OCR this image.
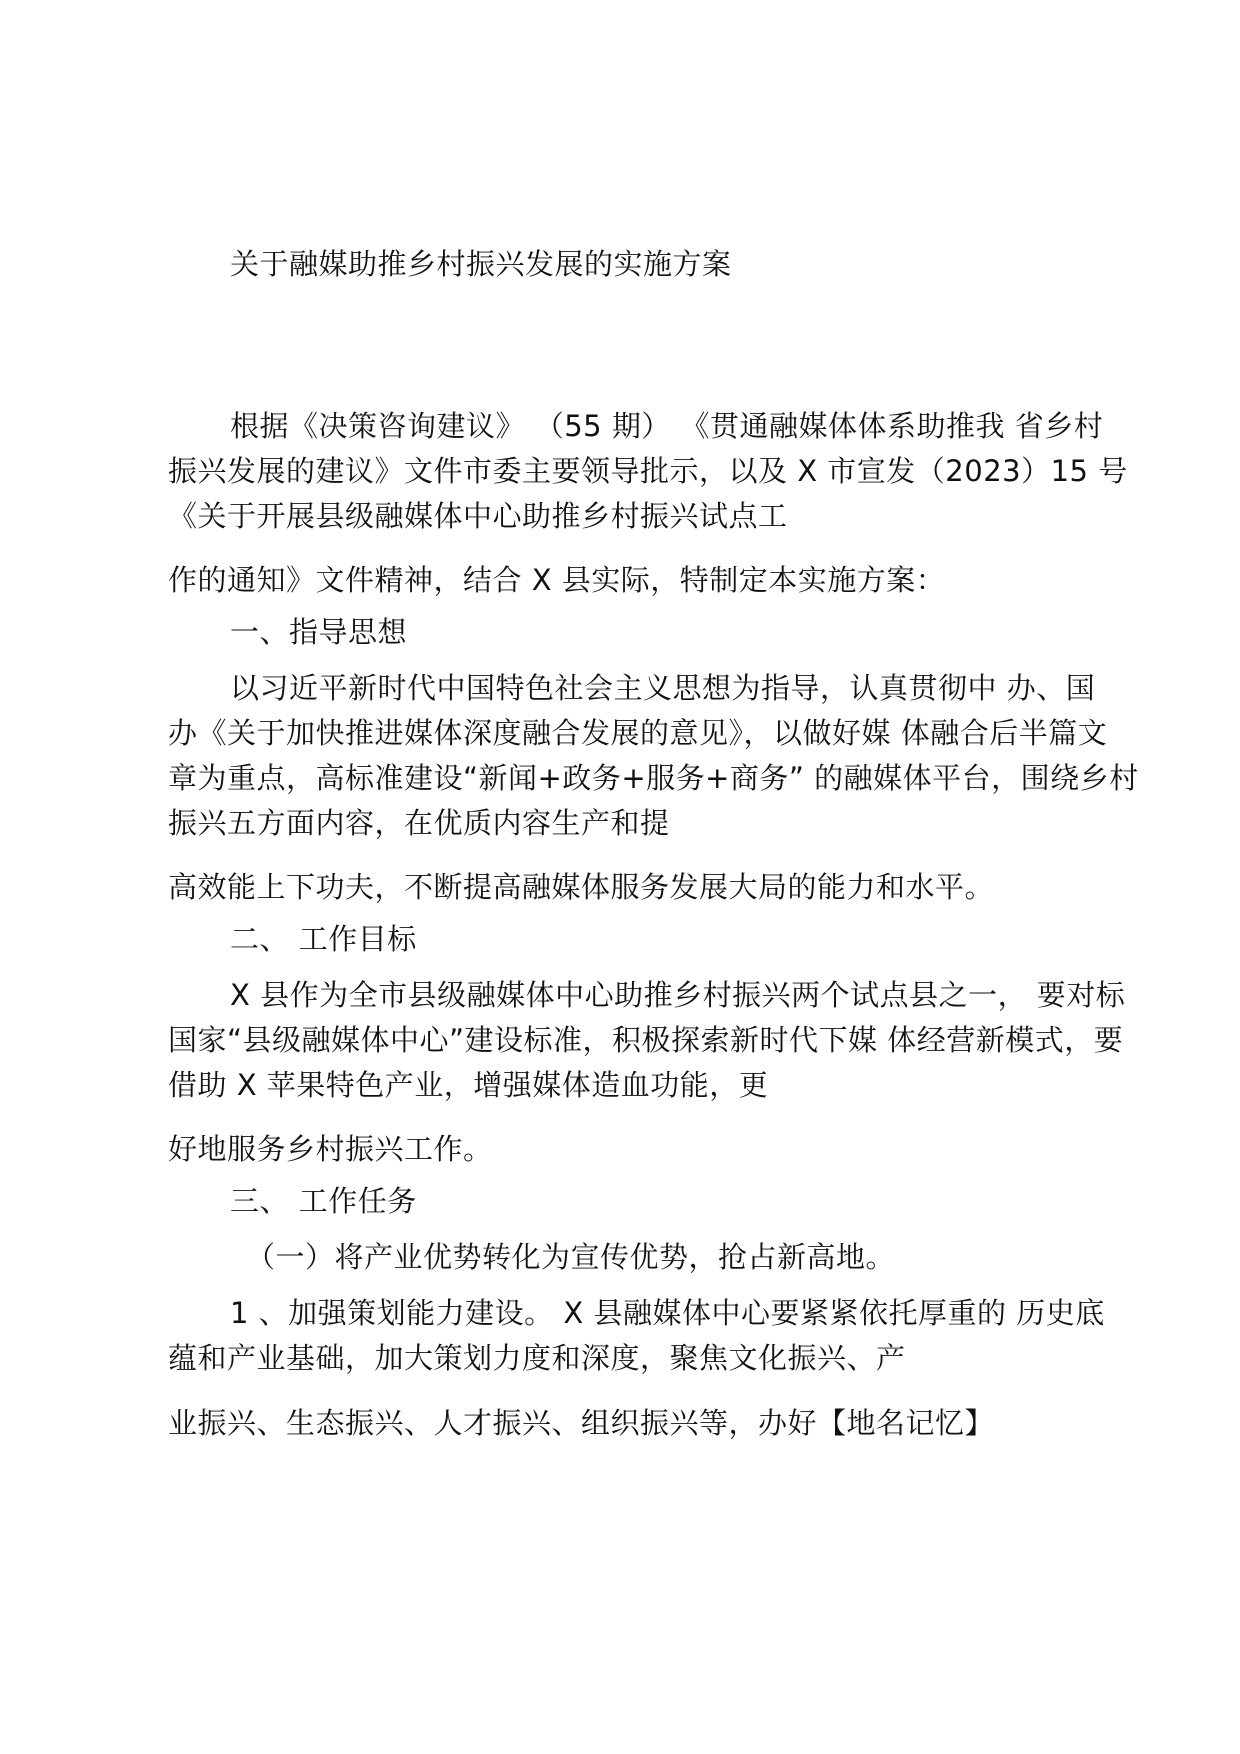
关于融媒助推乡村振兴发展的实施方案
根据《决策咨询建议》 （55 期） 《贯通融媒体体系助推我 省乡村
振兴发展的建议》文件市委主要领导批示，以及 X 市宣发（2023）15 号
《关于开展县级融媒体中心助推乡村振兴试点工
作的通知》文件精神，结合 X 县实际，特制定本实施方案：
一、指导思想
以习近平新时代中国特色社会主义思想为指导，认真贯彻中 办、国
办《关于加快推进媒体深度融合发展的意见》，以做好媒 体融合后半篇文
章为重点，高标准建设“新闻+政务+服务+商务” 的融媒体平台，围绕乡村
振兴五方面内容，在优质内容生产和提
高效能上下功夫，不断提高融媒体服务发展大局的能力和水平。
二、 工作目标
X 县作为全市县级融媒体中心助推乡村振兴两个试点县之一， 要对标
国家“县级融媒体中心”建设标准，积极探索新时代下媒 体经营新模式，要
借助 X 苹果特色产业，增强媒体造血功能，更
好地服务乡村振兴工作。
三、 工作任务
（一）将产业优势转化为宣传优势，抢占新高地。
1 、加强策划能力建设。 X 县融媒体中心要紧紧依托厚重的 历史底
蕴和产业基础，加大策划力度和深度，聚焦文化振兴、产
业振兴、生态振兴、人才振兴、组织振兴等，办好【地名记忆】
